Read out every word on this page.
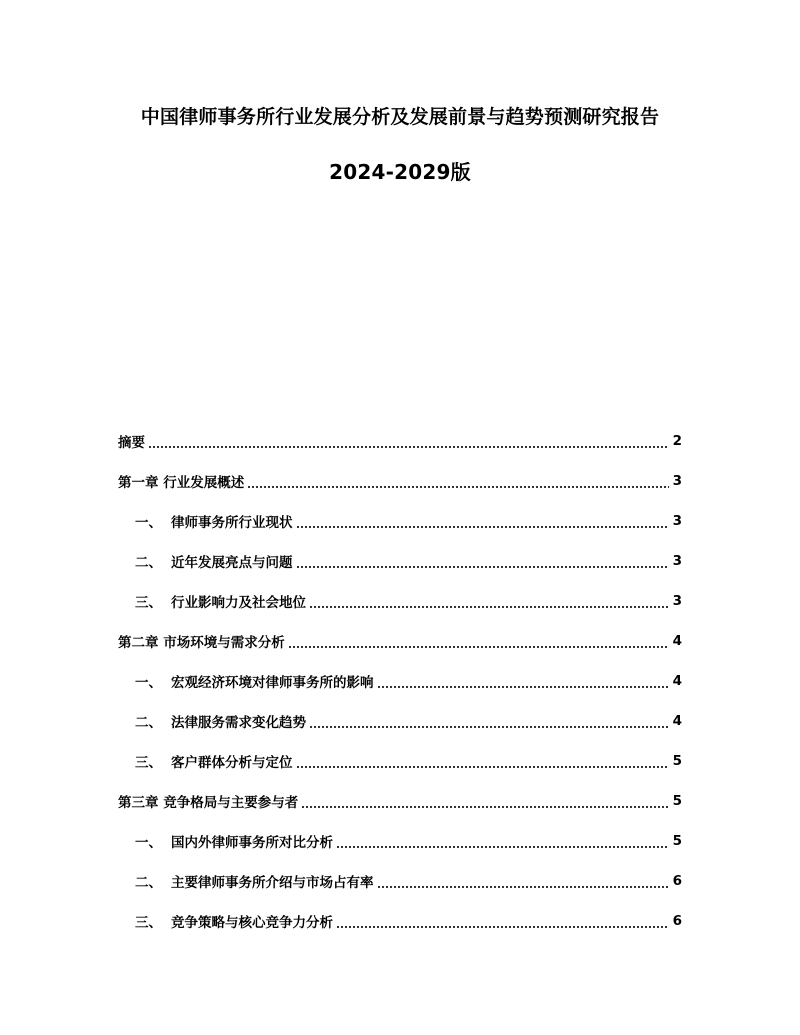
中国律师事务所行业发展分析及发展前景与趋势预测研究报告
2024-2029版
摘要	2
第一章 行业发展概述	3
一、 律师事务所行业现状	3
二、 近年发展亮点与问题	3
三、 行业影响力及社会地位	3
第二章 市场环境与需求分析	4
一、 宏观经济环境对律师事务所的影响	4
二、 法律服务需求变化趋势	4
三、 客户群体分析与定位	5
第三章 竞争格局与主要参与者	5
一、 国内外律师事务所对比分析	5
二、 主要律师事务所介绍与市场占有率	6
三、 竞争策略与核心竞争力分析	6
